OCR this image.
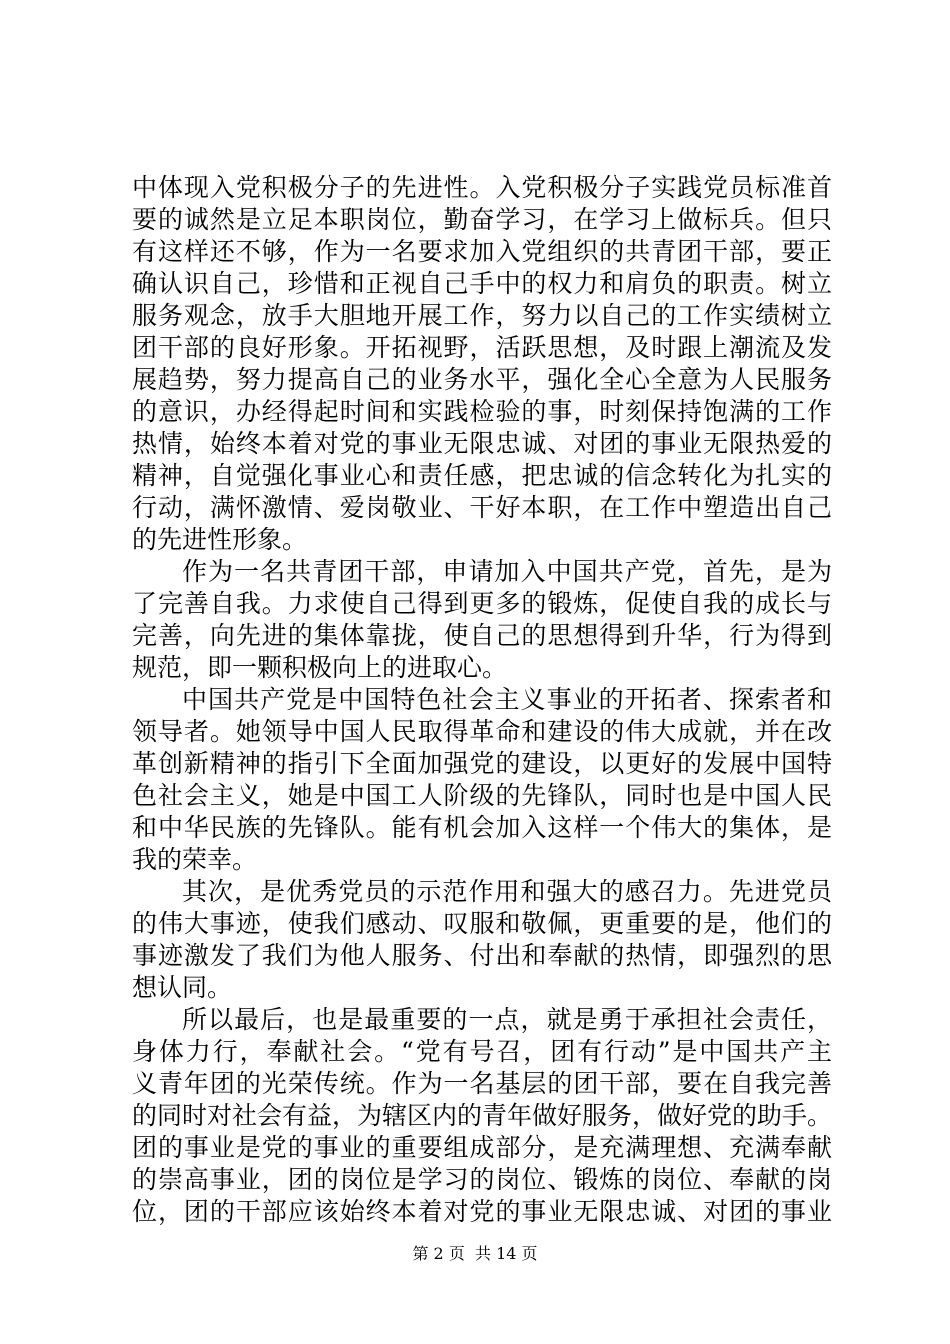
中体现入党积极分子的先进性。入党积极分子实践党员标准首
要的诚然是立足本职岗位，勤奋学习，在学习上做标兵。但只
有这样还不够，作为一名要求加入党组织的共青团干部，要正
确认识自己，珍惜和正视自己手中的权力和肩负的职责。树立
服务观念，放手大胆地开展工作，努力以自己的工作实绩树立
团干部的良好形象。开拓视野，活跃思想，及时跟上潮流及发
展趋势，努力提高自己的业务水平，强化全心全意为人民服务
的意识，办经得起时间和实践检验的事，时刻保持饱满的工作
热情，始终本着对党的事业无限忠诚、对团的事业无限热爱的
精神，自觉强化事业心和责任感，把忠诚的信念转化为扎实的
行动，满怀激情、爱岗敬业、干好本职，在工作中塑造出自己
的先进性形象。
作为一名共青团干部，申请加入中国共产党，首先，是为
了完善自我。力求使自己得到更多的锻炼，促使自我的成长与
完善，向先进的集体靠拢，使自己的思想得到升华，行为得到
规范，即一颗积极向上的进取心。
中国共产党是中国特色社会主义事业的开拓者、探索者和
领导者。她领导中国人民取得革命和建设的伟大成就，并在改
革创新精神的指引下全面加强党的建设，以更好的发展中国特
色社会主义，她是中国工人阶级的先锋队，同时也是中国人民
和中华民族的先锋队。能有机会加入这样一个伟大的集体，是
我的荣幸。
其次，是优秀党员的示范作用和强大的感召力。先进党员
的伟大事迹，使我们感动、叹服和敬佩，更重要的是，他们的
事迹激发了我们为他人服务、付出和奉献的热情，即强烈的思
想认同。
所以最后，也是最重要的一点，就是勇于承担社会责任，
身体力行，奉献社会。“党有号召，团有行动”是中国共产主
义青年团的光荣传统。作为一名基层的团干部，要在自我完善
的同时对社会有益，为辖区内的青年做好服务，做好党的助手。
团的事业是党的事业的重要组成部分，是充满理想、充满奉献
的崇高事业，团的岗位是学习的岗位、锻炼的岗位、奉献的岗
位，团的干部应该始终本着对党的事业无限忠诚、对团的事业
第 2 页  共 14 页
